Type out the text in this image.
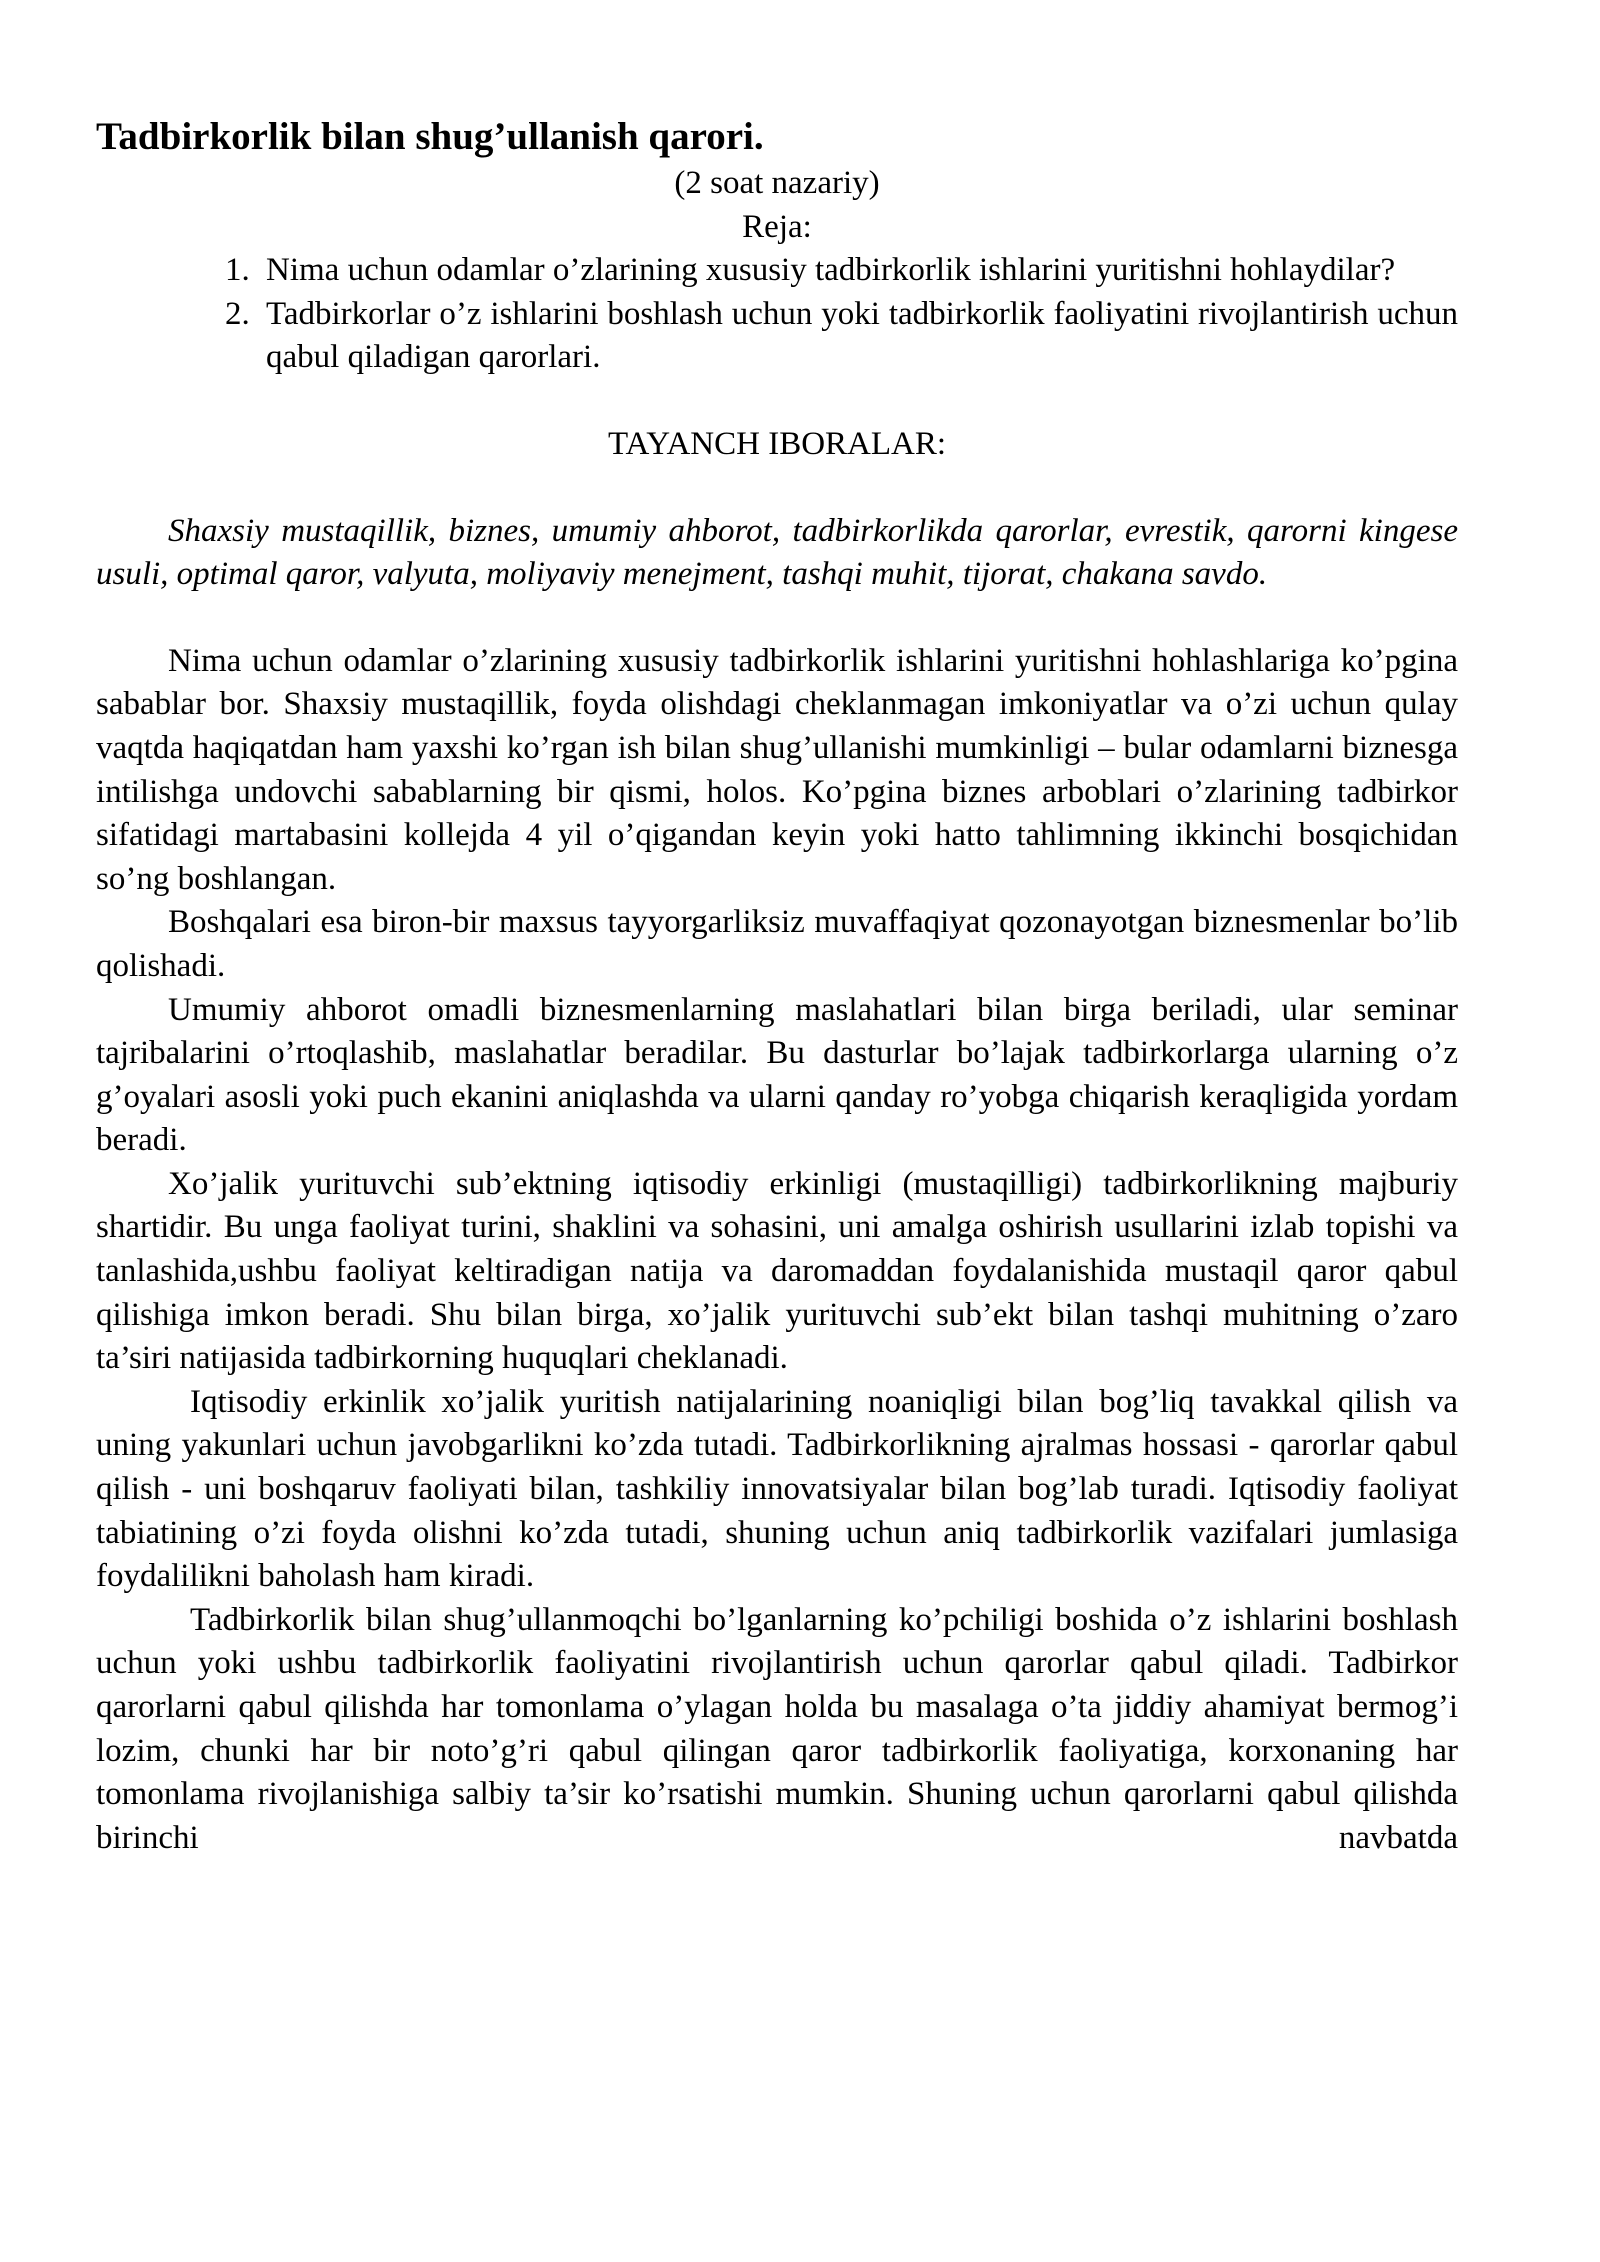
Tadbirkorlik bilan shug’ullanish qarori.

(2 soat nazariy)

Reja:

1. Nima uchun odamlar o’zlarining xususiy tadbirkorlik ishlarini yuritishni hohlaydilar?
2. Tadbirkorlar o’z ishlarini boshlash uchun yoki tadbirkorlik faoliyatini rivojlantirish uchun qabul qiladigan qarorlari.

TAYANCH IBORALAR:

Shaxsiy mustaqillik, biznes, umumiy ahborot, tadbirkorlikda qarorlar, evrestik, qarorni kingese usuli, optimal qaror, valyuta, moliyaviy menejment, tashqi muhit, tijorat, chakana savdo.

Nima uchun odamlar o’zlarining xususiy tadbirkorlik ishlarini yuritishni hohlashlariga ko’pgina sabablar bor. Shaxsiy mustaqillik, foyda olishdagi cheklanmagan imkoniyatlar va o’zi uchun qulay vaqtda haqiqatdan ham yaxshi ko’rgan ish bilan shug’ullanishi mumkinligi – bular odamlarni biznesga intilishga undovchi sabablarning bir qismi, holos. Ko’pgina biznes arboblari o’zlarining tadbirkor sifatidagi martabasini kollejda 4 yil o’qigandan keyin yoki hatto tahlimning ikkinchi bosqichidan so’ng boshlangan.

Boshqalari esa biron-bir maxsus tayyorgarliksiz muvaffaqiyat qozonayotgan biznesmenlar bo’lib qolishadi.

Umumiy ahborot omadli biznesmenlarning maslahatlari bilan birga beriladi, ular seminar tajribalarini o’rtoqlashib, maslahatlar beradilar. Bu dasturlar bo’lajak tadbirkorlarga ularning o’z g’oyalari asosli yoki puch ekanini aniqlashda va ularni qanday ro’yobga chiqarish keraqligida yordam beradi.

Xo’jalik yurituvchi sub’ektning iqtisodiy erkinligi (mustaqilligi) tadbirkorlikning majburiy shartidir. Bu unga faoliyat turini, shaklini va sohasini, uni amalga oshirish usullarini izlab topishi va tanlashida,ushbu faoliyat keltiradigan natija va daromaddan foydalanishida mustaqil qaror qabul qilishiga imkon beradi. Shu bilan birga, xo’jalik yurituvchi sub’ekt bilan tashqi muhitning o’zaro ta’siri natijasida tadbirkorning huquqlari cheklanadi.

Iqtisodiy erkinlik xo’jalik yuritish natijalarining noaniqligi bilan bog’liq tavakkal qilish va uning yakunlari uchun javobgarlikni ko’zda tutadi. Tadbirkorlikning ajralmas hossasi - qarorlar qabul qilish - uni boshqaruv faoliyati bilan, tashkiliy innovatsiyalar bilan bog’lab turadi. Iqtisodiy faoliyat tabiatining o’zi foyda olishni ko’zda tutadi, shuning uchun aniq tadbirkorlik vazifalari jumlasiga foydalilikni baholash ham kiradi.

Tadbirkorlik bilan shug’ullanmoqchi bo’lganlarning ko’pchiligi boshida o’z ishlarini boshlash uchun yoki ushbu tadbirkorlik faoliyatini rivojlantirish uchun qarorlar qabul qiladi. Tadbirkor qarorlarni qabul qilishda har tomonlama o’ylagan holda bu masalaga o’ta jiddiy ahamiyat bermog’i lozim, chunki har bir noto’g’ri qabul qilingan qaror tadbirkorlik faoliyatiga, korxonaning har tomonlama rivojlanishiga salbiy ta’sir ko’rsatishi mumkin. Shuning uchun qarorlarni qabul qilishda birinchi navbatda
